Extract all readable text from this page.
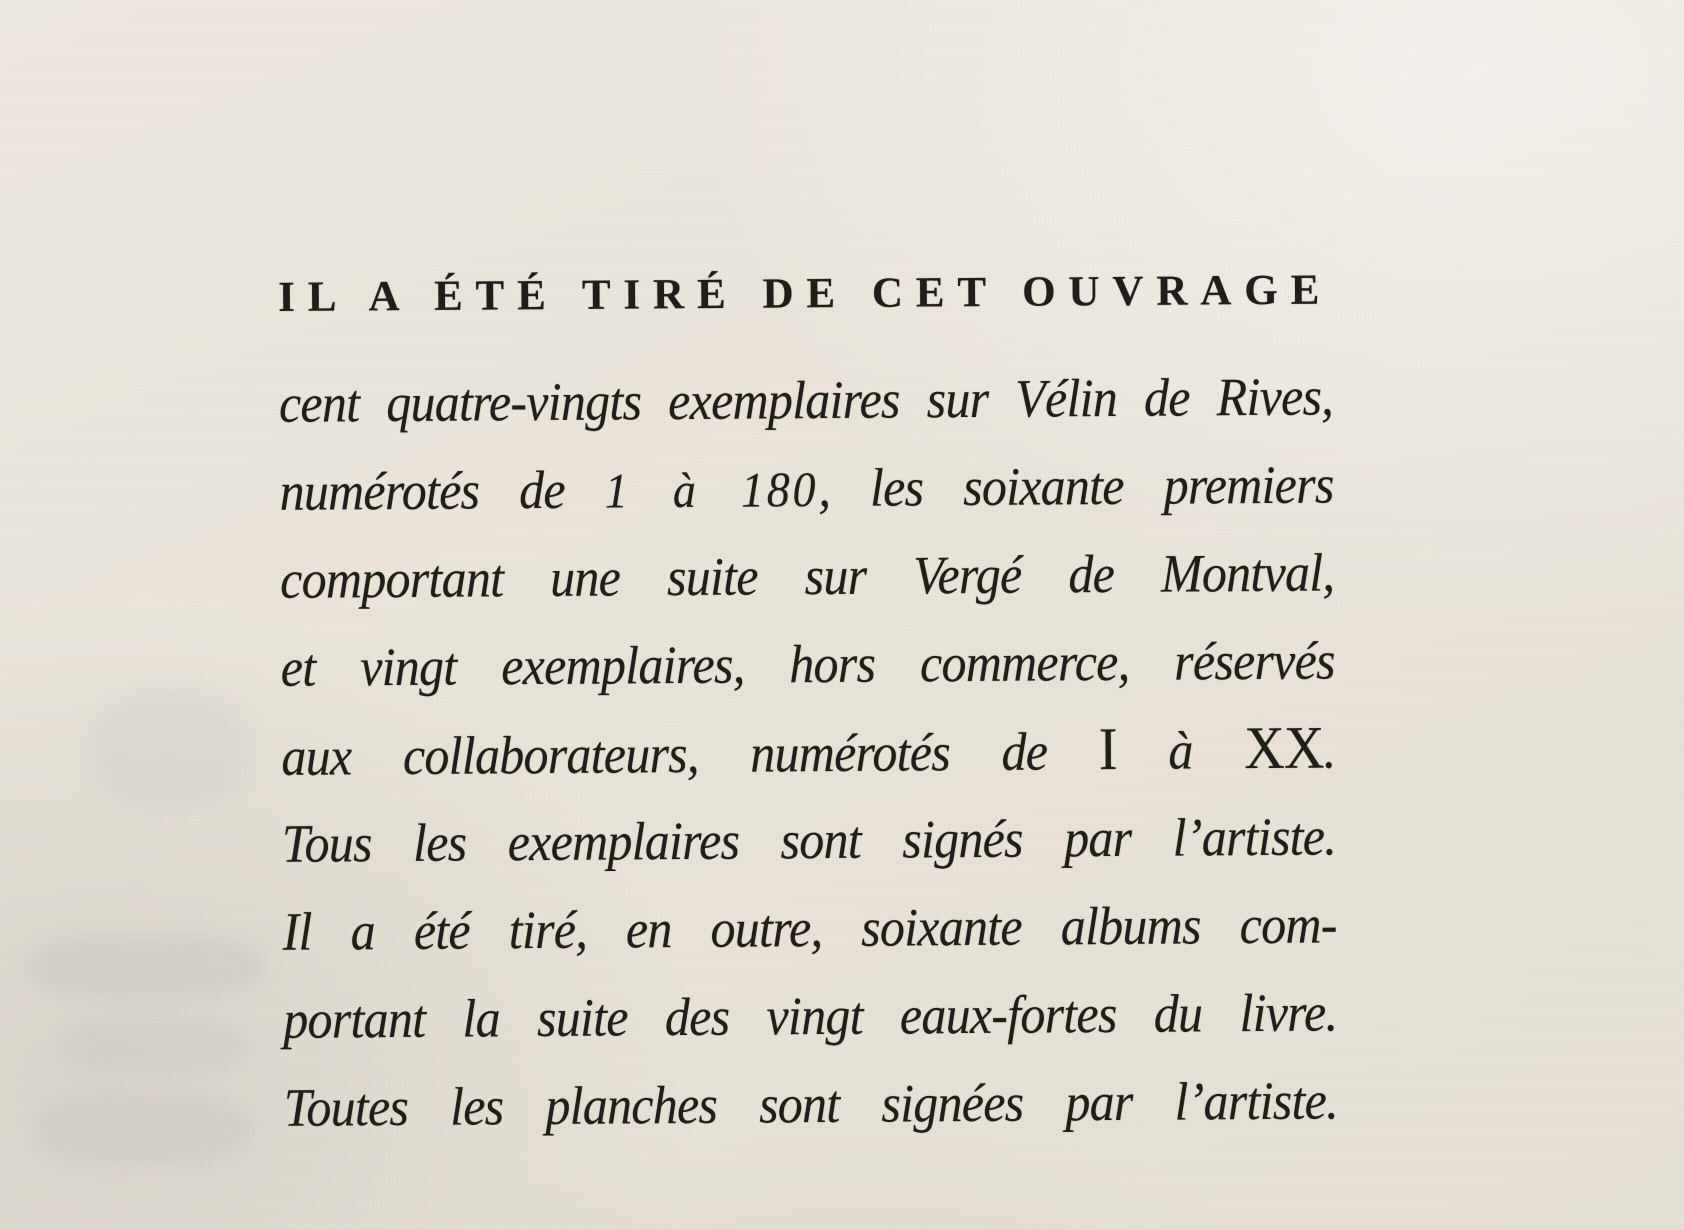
IL A ÉTÉ TIRÉ DE CET OUVRAGE
cent quatre-vingts exemplaires sur Vélin de Rives,
numérotés de 1 à 180, les soixante premiers
comportant une suite sur Vergé de Montval,
et vingt exemplaires, hors commerce, réservés
aux collaborateurs, numérotés de I à XX.
Tous les exemplaires sont signés par l’artiste.
Il a été tiré, en outre, soixante albums com-
portant la suite des vingt eaux-fortes du livre.
Toutes les planches sont signées par l’artiste.
